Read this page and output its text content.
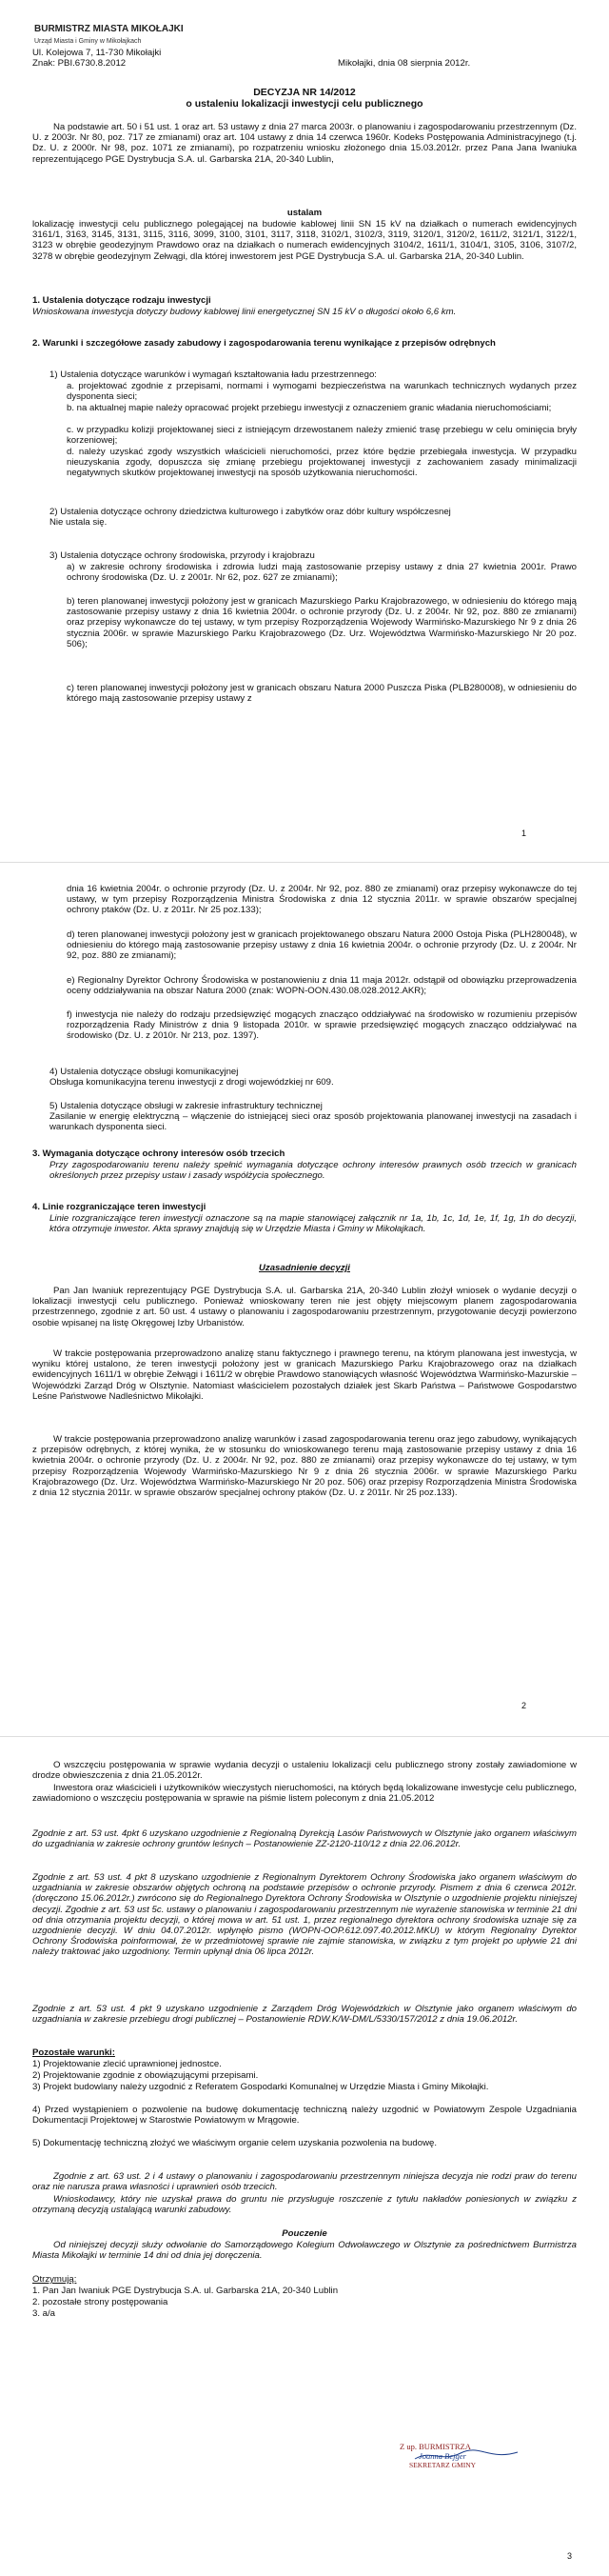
BURMISTRZ MIASTA MIKOŁAJKI
Urząd Miasta i Gminy w Mikołajkach
Ul. Kolejowa 7, 11-730 Mikołajki
Znak: PBI.6730.8.2012	Mikołajki, dnia 08 sierpnia 2012r.
DECYZJA NR 14/2012
o ustaleniu lokalizacji inwestycji celu publicznego
Na podstawie art. 50 i 51 ust. 1 oraz art. 53 ustawy z dnia 27 marca 2003r. o planowaniu i zagospodarowaniu przestrzennym (Dz. U. z 2003r. Nr 80, poz. 717 ze zmianami) oraz art. 104 ustawy z dnia 14 czerwca 1960r. Kodeks Postępowania Administracyjnego (t.j. Dz. U. z 2000r. Nr 98, poz. 1071 ze zmianami), po rozpatrzeniu wniosku złożonego dnia 15.03.2012r. przez Pana Jana Iwaniuka reprezentującego PGE Dystrybucja S.A. ul. Garbarska 21A, 20-340 Lublin,
ustalam
lokalizację inwestycji celu publicznego polegającej na budowie kablowej linii SN 15 kV na działkach o numerach ewidencyjnych 3161/1, 3163, 3145, 3131, 3115, 3116, 3099, 3100, 3101, 3117, 3118, 3102/1, 3102/3, 3119, 3120/1, 3120/2, 1611/2, 3121/1, 3122/1, 3123 w obrębie geodezyjnym Prawdowo oraz na działkach o numerach ewidencyjnych 3104/2, 1611/1, 3104/1, 3105, 3106, 3107/2, 3278 w obrębie geodezyjnym Zełwągi, dla której inwestorem jest PGE Dystrybucja S.A. ul. Garbarska 21A, 20-340 Lublin.
1. Ustalenia dotyczące rodzaju inwestycji
Wnioskowana inwestycja dotyczy budowy kablowej linii energetycznej SN 15 kV o długości około 6,6 km.
2. Warunki i szczegółowe zasady zabudowy i zagospodarowania terenu wynikające z przepisów odrębnych
1) Ustalenia dotyczące warunków i wymagań kształtowania ładu przestrzennego:
a. projektować zgodnie z przepisami, normami i wymogami bezpieczeństwa na warunkach technicznych wydanych przez dysponenta sieci;
b. na aktualnej mapie należy opracować projekt przebiegu inwestycji z oznaczeniem granic władania nieruchomościami;
c. w przypadku kolizji projektowanej sieci z istniejącym drzewostanem należy zmienić trasę przebiegu w celu ominięcia bryły korzeniowej;
d. należy uzyskać zgody wszystkich właścicieli nieruchomości, przez które będzie przebiegała inwestycja. W przypadku nieuzyskania zgody, dopuszcza się zmianę przebiegu projektowanej inwestycji z zachowaniem zasady minimalizacji negatywnych skutków projektowanej inwestycji na sposób użytkowania nieruchomości.
2) Ustalenia dotyczące ochrony dziedzictwa kulturowego i zabytków oraz dóbr kultury współczesnej
Nie ustala się.
3) Ustalenia dotyczące ochrony środowiska, przyrody i krajobrazu
a) w zakresie ochrony środowiska i zdrowia ludzi mają zastosowanie przepisy ustawy z dnia 27 kwietnia 2001r. Prawo ochrony środowiska (Dz. U. z 2001r. Nr 62, poz. 627 ze zmianami);
b) teren planowanej inwestycji położony jest w granicach Mazurskiego Parku Krajobrazowego, w odniesieniu do którego mają zastosowanie przepisy ustawy z dnia 16 kwietnia 2004r. o ochronie przyrody (Dz. U. z 2004r. Nr 92, poz. 880 ze zmianami) oraz przepisy wykonawcze do tej ustawy, w tym przepisy Rozporządzenia Wojewody Warmińsko-Mazurskiego Nr 9 z dnia 26 stycznia 2006r. w sprawie Mazurskiego Parku Krajobrazowego (Dz. Urz. Województwa Warmińsko-Mazurskiego Nr 20 poz. 506);
c) teren planowanej inwestycji położony jest w granicach obszaru Natura 2000 Puszcza Piska (PLB280008), w odniesieniu do którego mają zastosowanie przepisy ustawy z
1
dnia 16 kwietnia 2004r. o ochronie przyrody (Dz. U. z 2004r. Nr 92, poz. 880 ze zmianami) oraz przepisy wykonawcze do tej ustawy, w tym przepisy Rozporządzenia Ministra Środowiska z dnia 12 stycznia 2011r. w sprawie obszarów specjalnej ochrony ptaków (Dz. U. z 2011r. Nr 25 poz.133);
d) teren planowanej inwestycji położony jest w granicach projektowanego obszaru Natura 2000 Ostoja Piska (PLH280048), w odniesieniu do którego mają zastosowanie przepisy ustawy z dnia 16 kwietnia 2004r. o ochronie przyrody (Dz. U. z 2004r. Nr 92, poz. 880 ze zmianami);
e) Regionalny Dyrektor Ochrony Środowiska w postanowieniu z dnia 11 maja 2012r. odstąpił od obowiązku przeprowadzenia oceny oddziaływania na obszar Natura 2000 (znak: WOPN-OON.430.08.028.2012.AKR);
f) inwestycja nie należy do rodzaju przedsięwzięć mogących znacząco oddziaływać na środowisko w rozumieniu przepisów rozporządzenia Rady Ministrów z dnia 9 listopada 2010r. w sprawie przedsięwzięć mogących znacząco oddziaływać na środowisko (Dz. U. z 2010r. Nr 213, poz. 1397).
4) Ustalenia dotyczące obsługi komunikacyjnej
Obsługa komunikacyjna terenu inwestycji z drogi wojewódzkiej nr 609.
5) Ustalenia dotyczące obsługi w zakresie infrastruktury technicznej
Zasilanie w energię elektryczną – włączenie do istniejącej sieci oraz sposób projektowania planowanej inwestycji na zasadach i warunkach dysponenta sieci.
3. Wymagania dotyczące ochrony interesów osób trzecich
Przy zagospodarowaniu terenu należy spełnić wymagania dotyczące ochrony interesów prawnych osób trzecich w granicach określonych przez przepisy ustaw i zasady współżycia społecznego.
4. Linie rozgraniczające teren inwestycji
Linie rozgraniczające teren inwestycji oznaczone są na mapie stanowiącej załącznik nr 1a, 1b, 1c, 1d, 1e, 1f, 1g, 1h do decyzji, która otrzymuje inwestor. Akta sprawy znajdują się w Urzędzie Miasta i Gminy w Mikołajkach.
Uzasadnienie decyzji
Pan Jan Iwaniuk reprezentujący PGE Dystrybucja S.A. ul. Garbarska 21A, 20-340 Lublin złożył wniosek o wydanie decyzji o lokalizacji inwestycji celu publicznego. Ponieważ wnioskowany teren nie jest objęty miejscowym planem zagospodarowania przestrzennego, zgodnie z art. 50 ust. 4 ustawy o planowaniu i zagospodarowaniu przestrzennym, przygotowanie decyzji powierzono osobie wpisanej na listę Okręgowej Izby Urbanistów.
W trakcie postępowania przeprowadzono analizę stanu faktycznego i prawnego terenu, na którym planowana jest inwestycja, w wyniku której ustalono, że teren inwestycji położony jest w granicach Mazurskiego Parku Krajobrazowego oraz na działkach ewidencyjnych 1611/1 w obrębie Zełwągi i 1611/2 w obrębie Prawdowo stanowiących własność Województwa Warmińsko-Mazurskie – Wojewódzki Zarząd Dróg w Olsztynie. Natomiast właścicielem pozostałych działek jest Skarb Państwa – Państwowe Gospodarstwo Leśne Państwowe Nadleśnictwo Mikołajki.
W trakcie postępowania przeprowadzono analizę warunków i zasad zagospodarowania terenu oraz jego zabudowy, wynikających z przepisów odrębnych, z której wynika, że w stosunku do wnioskowanego terenu mają zastosowanie przepisy ustawy z dnia 16 kwietnia 2004r. o ochronie przyrody (Dz. U. z 2004r. Nr 92, poz. 880 ze zmianami) oraz przepisy wykonawcze do tej ustawy, w tym przepisy Rozporządzenia Wojewody Warmińsko-Mazurskiego Nr 9 z dnia 26 stycznia 2006r. w sprawie Mazurskiego Parku Krajobrazowego (Dz. Urz. Województwa Warmińsko-Mazurskiego Nr 20 poz. 506) oraz przepisy Rozporządzenia Ministra Środowiska z dnia 12 stycznia 2011r. w sprawie obszarów specjalnej ochrony ptaków (Dz. U. z 2011r. Nr 25 poz.133).
2
O wszczęciu postępowania w sprawie wydania decyzji o ustaleniu lokalizacji celu publicznego strony zostały zawiadomione w drodze obwieszczenia z dnia 21.05.2012r.
Inwestora oraz właścicieli i użytkowników wieczystych nieruchomości, na których będą lokalizowane inwestycje celu publicznego, zawiadomiono o wszczęciu postępowania w sprawie na piśmie listem poleconym z dnia 21.05.2012
Zgodnie z art. 53 ust. 4pkt 6 uzyskano uzgodnienie z Regionalną Dyrekcją Lasów Państwowych w Olsztynie jako organem właściwym do uzgadniania w zakresie ochrony gruntów leśnych – Postanowienie ZZ-2120-110/12 z dnia 22.06.2012r.
Zgodnie z art. 53 ust. 4 pkt 8 uzyskano uzgodnienie z Regionalnym Dyrektorem Ochrony Środowiska jako organem właściwym do uzgadniania w zakresie obszarów objętych ochroną na podstawie przepisów o ochronie przyrody. Pismem z dnia 6 czerwca 2012r. (doręczono 15.06.2012r.) zwrócono się do Regionalnego Dyrektora Ochrony Środowiska w Olsztynie o uzgodnienie projektu niniejszej decyzji. Zgodnie z art. 53 ust 5c. ustawy o planowaniu i zagospodarowaniu przestrzennym nie wyrażenie stanowiska w terminie 21 dni od dnia otrzymania projektu decyzji, o której mowa w art. 51 ust. 1, przez regionalnego dyrektora ochrony środowiska uznaje się za uzgodnienie decyzji. W dniu 04.07.2012r. wpłynęło pismo (WOPN-OOP.612.097.40.2012.MKU) w którym Regionalny Dyrektor Ochrony Środowiska poinformował, że w przedmiotowej sprawie nie zajmie stanowiska, w związku z tym projekt po upływie 21 dni należy traktować jako uzgodniony. Termin upłynął dnia 06 lipca 2012r.
Zgodnie z art. 53 ust. 4 pkt 9 uzyskano uzgodnienie z Zarządem Dróg Wojewódzkich w Olsztynie jako organem właściwym do uzgadniania w zakresie przebiegu drogi publicznej – Postanowienie RDW.K/W-DM/L/5330/157/2012 z dnia 19.06.2012r.
Pozostałe warunki:
1) Projektowanie zlecić uprawnionej jednostce.
2) Projektowanie zgodnie z obowiązującymi przepisami.
3) Projekt budowlany należy uzgodnić z Referatem Gospodarki Komunalnej w Urzędzie Miasta i Gminy Mikołajki.
4) Przed wystąpieniem o pozwolenie na budowę dokumentację techniczną należy uzgodnić w Powiatowym Zespole Uzgadniania Dokumentacji Projektowej w Starostwie Powiatowym w Mrągowie.
5) Dokumentację techniczną złożyć we właściwym organie celem uzyskania pozwolenia na budowę.
Zgodnie z art. 63 ust. 2 i 4 ustawy o planowaniu i zagospodarowaniu przestrzennym niniejsza decyzja nie rodzi praw do terenu oraz nie narusza prawa własności i uprawnień osób trzecich.
Wnioskodawcy, który nie uzyskał prawa do gruntu nie przysługuje roszczenie z tytułu nakładów poniesionych w związku z otrzymaną decyzją ustalającą warunki zabudowy.
Pouczenie
Od niniejszej decyzji służy odwołanie do Samorządowego Kolegium Odwoławczego w Olsztynie za pośrednictwem Burmistrza Miasta Mikołajki w terminie 14 dni od dnia jej doręczenia.
Otrzymują:
1. Pan Jan Iwaniuk PGE Dystrybucja S.A. ul. Garbarska 21A, 20-340 Lublin
2. pozostałe strony postępowania
3. a/a
Z up. BURMISTRZA
Joanna Bejger
SEKRETARZ GMINY
3
